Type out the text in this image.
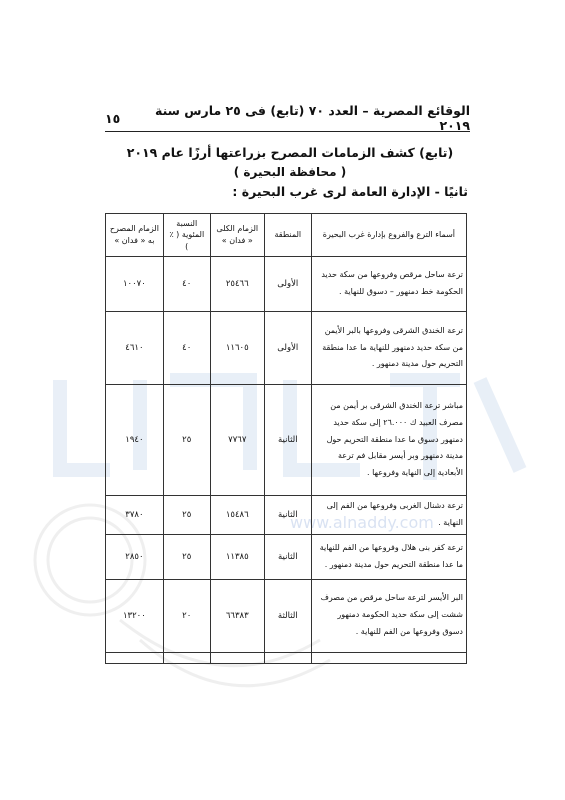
www.alnaddy.com
الوقائع المصرية – العدد ٧٠ (تابع) فى ٢٥ مارس سنة ٢٠١٩
١٥
(تابع) كشف الزمامات المصرح بزراعتها أرزًا عام ٢٠١٩
( محافظة البحيرة )
ثانيًا - الإدارة العامة لرى غرب البحيرة :
أسماء الترع والفروع بإدارة غرب البحيرة	المنطقة	الزمام الكلى « فدان »	النسبة المئوية ( ٪ )	الزمام المصرح به « فدان »
ترعة ساحل مرقص وفروعها من سكة حديد الحكومة خط دمنهور – دسوق للنهاية .	الأولى	٢٥٤٦٦	٤٠	١٠٠٧٠
ترعة الخندق الشرقى وفروعها بالبر الأيمن من سكة حديد دمنهور للنهاية ما عدا منطقة التحريم حول مدينة دمنهور .	الأولى	١١٦٠٥	٤٠	٤٦١٠
مباشر ترعة الخندق الشرقى بر أيمن من مصرف العبيد ك ٢٦.٠٠٠ إلى سكة حديد دمنهور دسوق ما عدا منطقة التحريم حول مدينة دمنهور وبر أيسر مقابل فم ترعة الأبعادية إلى النهاية وفروعها .	الثانية	٧٧٦٧	٢٥	١٩٤٠
ترعة دشنال الغربى وفروعها من الفم إلى النهاية .	الثانية	١٥٤٨٦	٢٥	٣٧٨٠
ترعة كفر بنى هلال وفروعها من الفم للنهاية ما عدا منطقة التحريم حول مدينة دمنهور .	الثانية	١١٣٨٥	٢٥	٢٨٥٠
البر الأيسر لترعة ساحل مرقص من مصرف ششت إلى سكة حديد الحكومة دمنهور دسوق وفروعها من الفم للنهاية .	الثالثة	٦٦٣٨٣	٢٠	١٣٢٠٠
